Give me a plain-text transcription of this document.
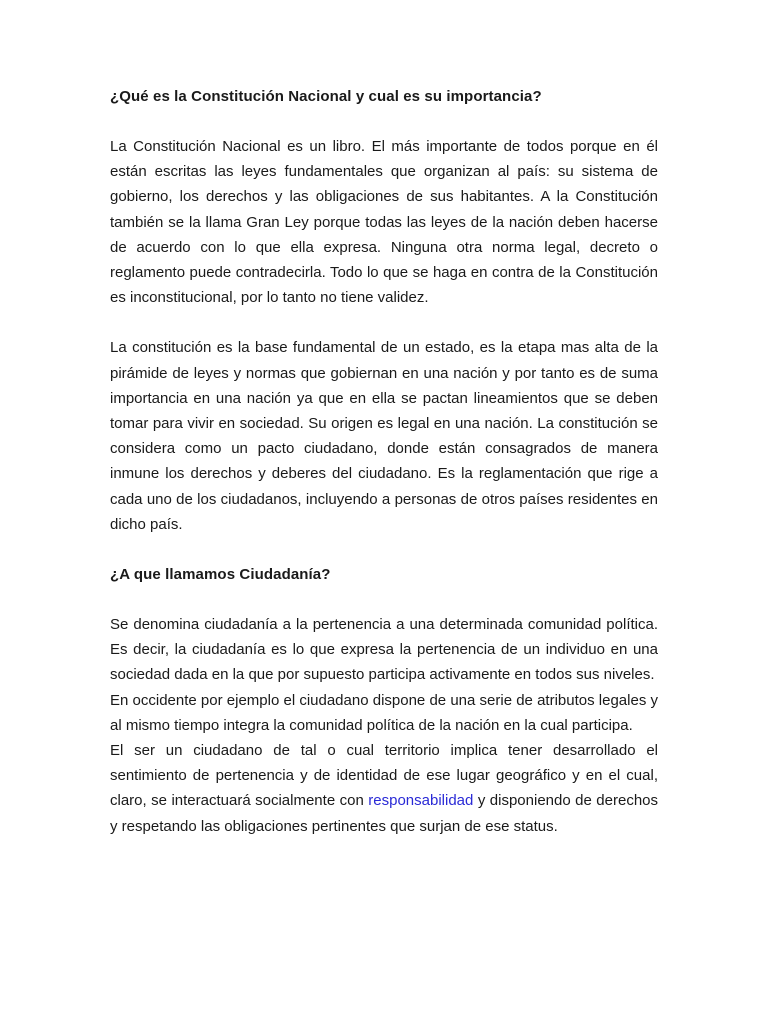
¿Qué es la Constitución Nacional y cual es su importancia?

La Constitución Nacional es un libro. El más importante de todos porque en él están escritas las leyes fundamentales que organizan al país: su sistema de gobierno, los derechos y las obligaciones de sus habitantes. A la Constitución también se la llama Gran Ley porque todas las leyes de la nación deben hacerse de acuerdo con lo que ella expresa. Ninguna otra norma legal, decreto o reglamento puede contradecirla. Todo lo que se haga en contra de la Constitución es inconstitucional, por lo tanto no tiene validez.

La constitución es la base fundamental de un estado, es la etapa mas alta de la pirámide de leyes y normas que gobiernan en una nación y por tanto es de suma importancia en una nación ya que en ella se pactan lineamientos que se deben tomar para vivir en sociedad. Su origen es legal en una nación. La constitución se considera como un pacto ciudadano, donde están consagrados de manera inmune los derechos y deberes del ciudadano. Es la reglamentación que rige a cada uno de los ciudadanos, incluyendo a personas de otros países residentes en dicho país.

¿A que llamamos Ciudadanía?

Se denomina ciudadanía a la pertenencia a una determinada comunidad política. Es decir, la ciudadanía es lo que expresa la pertenencia de un individuo en una sociedad dada en la que por supuesto participa activamente en todos sus niveles.

En occidente por ejemplo el ciudadano dispone de una serie de atributos legales y al mismo tiempo integra la comunidad política de la nación en la cual participa.

El ser un ciudadano de tal o cual territorio implica tener desarrollado el sentimiento de pertenencia y de identidad de ese lugar geográfico y en el cual, claro, se interactuará socialmente con responsabilidad y disponiendo de derechos y respetando las obligaciones pertinentes que surjan de ese status.
